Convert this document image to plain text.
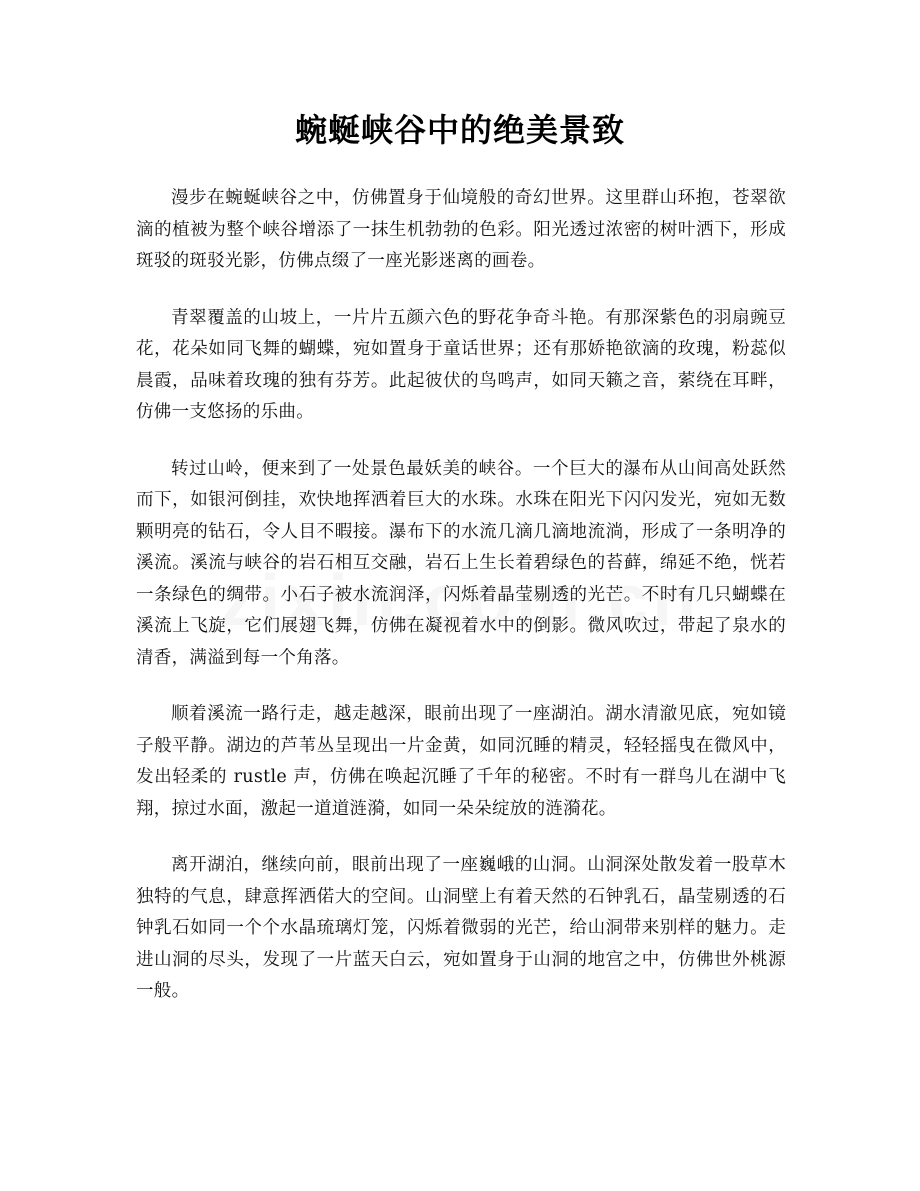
蜿蜒峡谷中的绝美景致

漫步在蜿蜒峡谷之中，仿佛置身于仙境般的奇幻世界。这里群山环抱，苍翠欲滴的植被为整个峡谷增添了一抹生机勃勃的色彩。阳光透过浓密的树叶洒下，形成斑驳的斑驳光影，仿佛点缀了一座光影迷离的画卷。

青翠覆盖的山坡上，一片片五颜六色的野花争奇斗艳。有那深紫色的羽扇豌豆花，花朵如同飞舞的蝴蝶，宛如置身于童话世界；还有那娇艳欲滴的玫瑰，粉蕊似晨霞，品味着玫瑰的独有芬芳。此起彼伏的鸟鸣声，如同天籁之音，萦绕在耳畔，仿佛一支悠扬的乐曲。

转过山岭，便来到了一处景色最妖美的峡谷。一个巨大的瀑布从山间高处跃然而下，如银河倒挂，欢快地挥洒着巨大的水珠。水珠在阳光下闪闪发光，宛如无数颗明亮的钻石，令人目不暇接。瀑布下的水流几滴几滴地流淌，形成了一条明净的溪流。溪流与峡谷的岩石相互交融，岩石上生长着碧绿色的苔藓，绵延不绝，恍若一条绿色的绸带。小石子被水流润泽，闪烁着晶莹剔透的光芒。不时有几只蝴蝶在溪流上飞旋，它们展翅飞舞，仿佛在凝视着水中的倒影。微风吹过，带起了泉水的清香，满溢到每一个角落。

顺着溪流一路行走，越走越深，眼前出现了一座湖泊。湖水清澈见底，宛如镜子般平静。湖边的芦苇丛呈现出一片金黄，如同沉睡的精灵，轻轻摇曳在微风中，发出轻柔的 rustle 声，仿佛在唤起沉睡了千年的秘密。不时有一群鸟儿在湖中飞翔，掠过水面，激起一道道涟漪，如同一朵朵绽放的涟漪花。

离开湖泊，继续向前，眼前出现了一座巍峨的山洞。山洞深处散发着一股草木独特的气息，肆意挥洒偌大的空间。山洞壁上有着天然的石钟乳石，晶莹剔透的石钟乳石如同一个个水晶琉璃灯笼，闪烁着微弱的光芒，给山洞带来别样的魅力。走进山洞的尽头，发现了一片蓝天白云，宛如置身于山洞的地宫之中，仿佛世外桃源一般。
